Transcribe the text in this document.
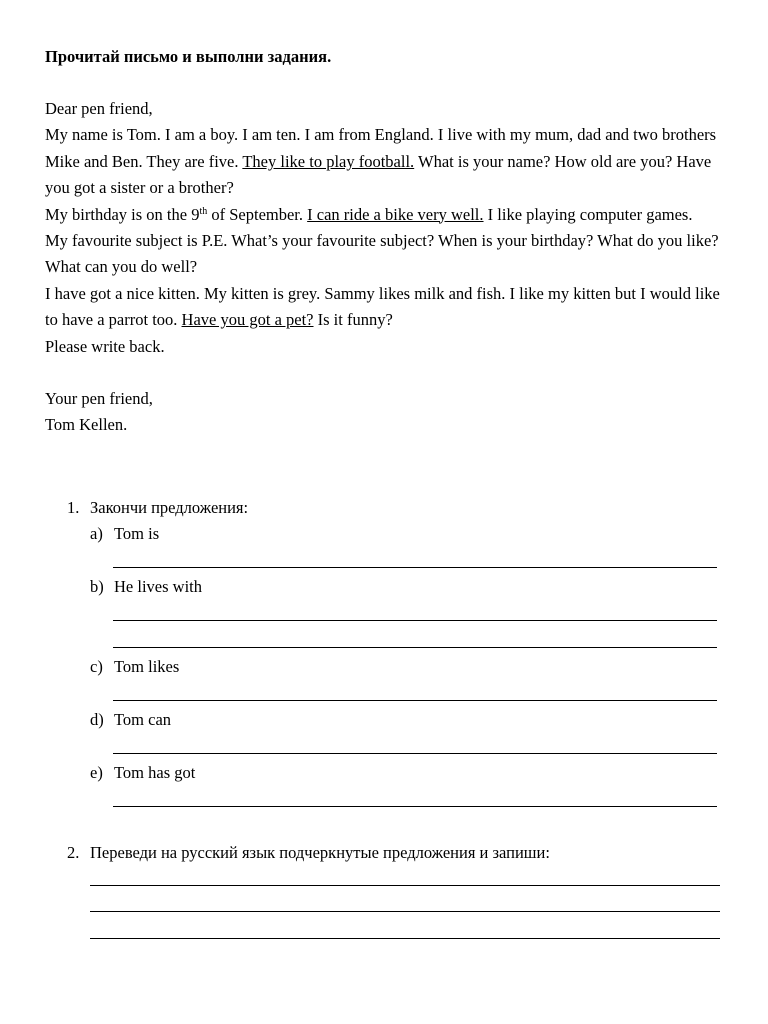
Прочитай письмо и выполни задания.

Dear pen friend,

My name is Tom. I am a boy. I am ten. I am from England. I live with my mum, dad and two brothers Mike and Ben. They are five. They like to play football. What is your name? How old are you? Have you got a sister or a brother?

My birthday is on the 9th of September. I can ride a bike very well. I like playing computer games.

My favourite subject is P.E. What’s your favourite subject? When is your birthday? What do you like? What can you do well?

I have got a nice kitten. My kitten is grey. Sammy likes milk and fish. I like my kitten but I would like to have a parrot too. Have you got a pet? Is it funny?

Please write back.

Your pen friend,

Tom Kellen.

1. Закончи предложения:
a) Tom is
b) He lives with
c) Tom likes
d) Tom can
e) Tom has got
2. Переведи на русский язык подчеркнутые предложения и запиши:
